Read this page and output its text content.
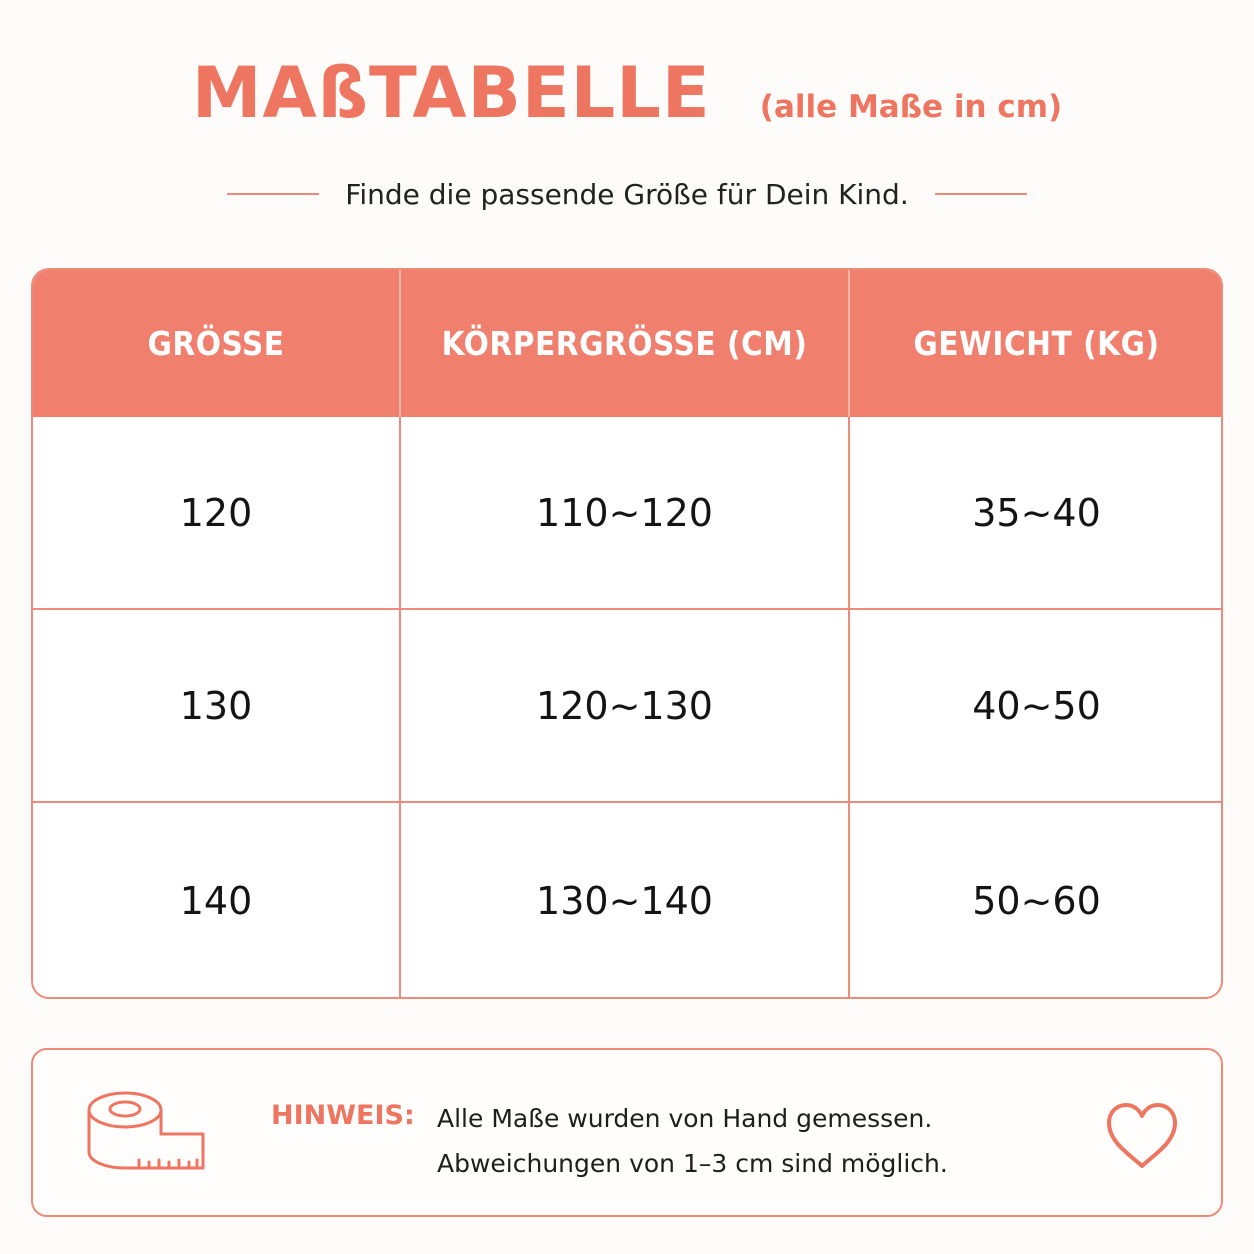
MAßTABELLE (alle Maße in cm)
Finde die passende Größe für Dein Kind.
GRÖSSE	KÖRPERGRÖSSE (CM)	GEWICHT (KG)
120	110~120	35~40
130	120~130	40~50
140	130~140	50~60
HINWEIS: Alle Maße wurden von Hand gemessen.
Abweichungen von 1–3 cm sind möglich.
